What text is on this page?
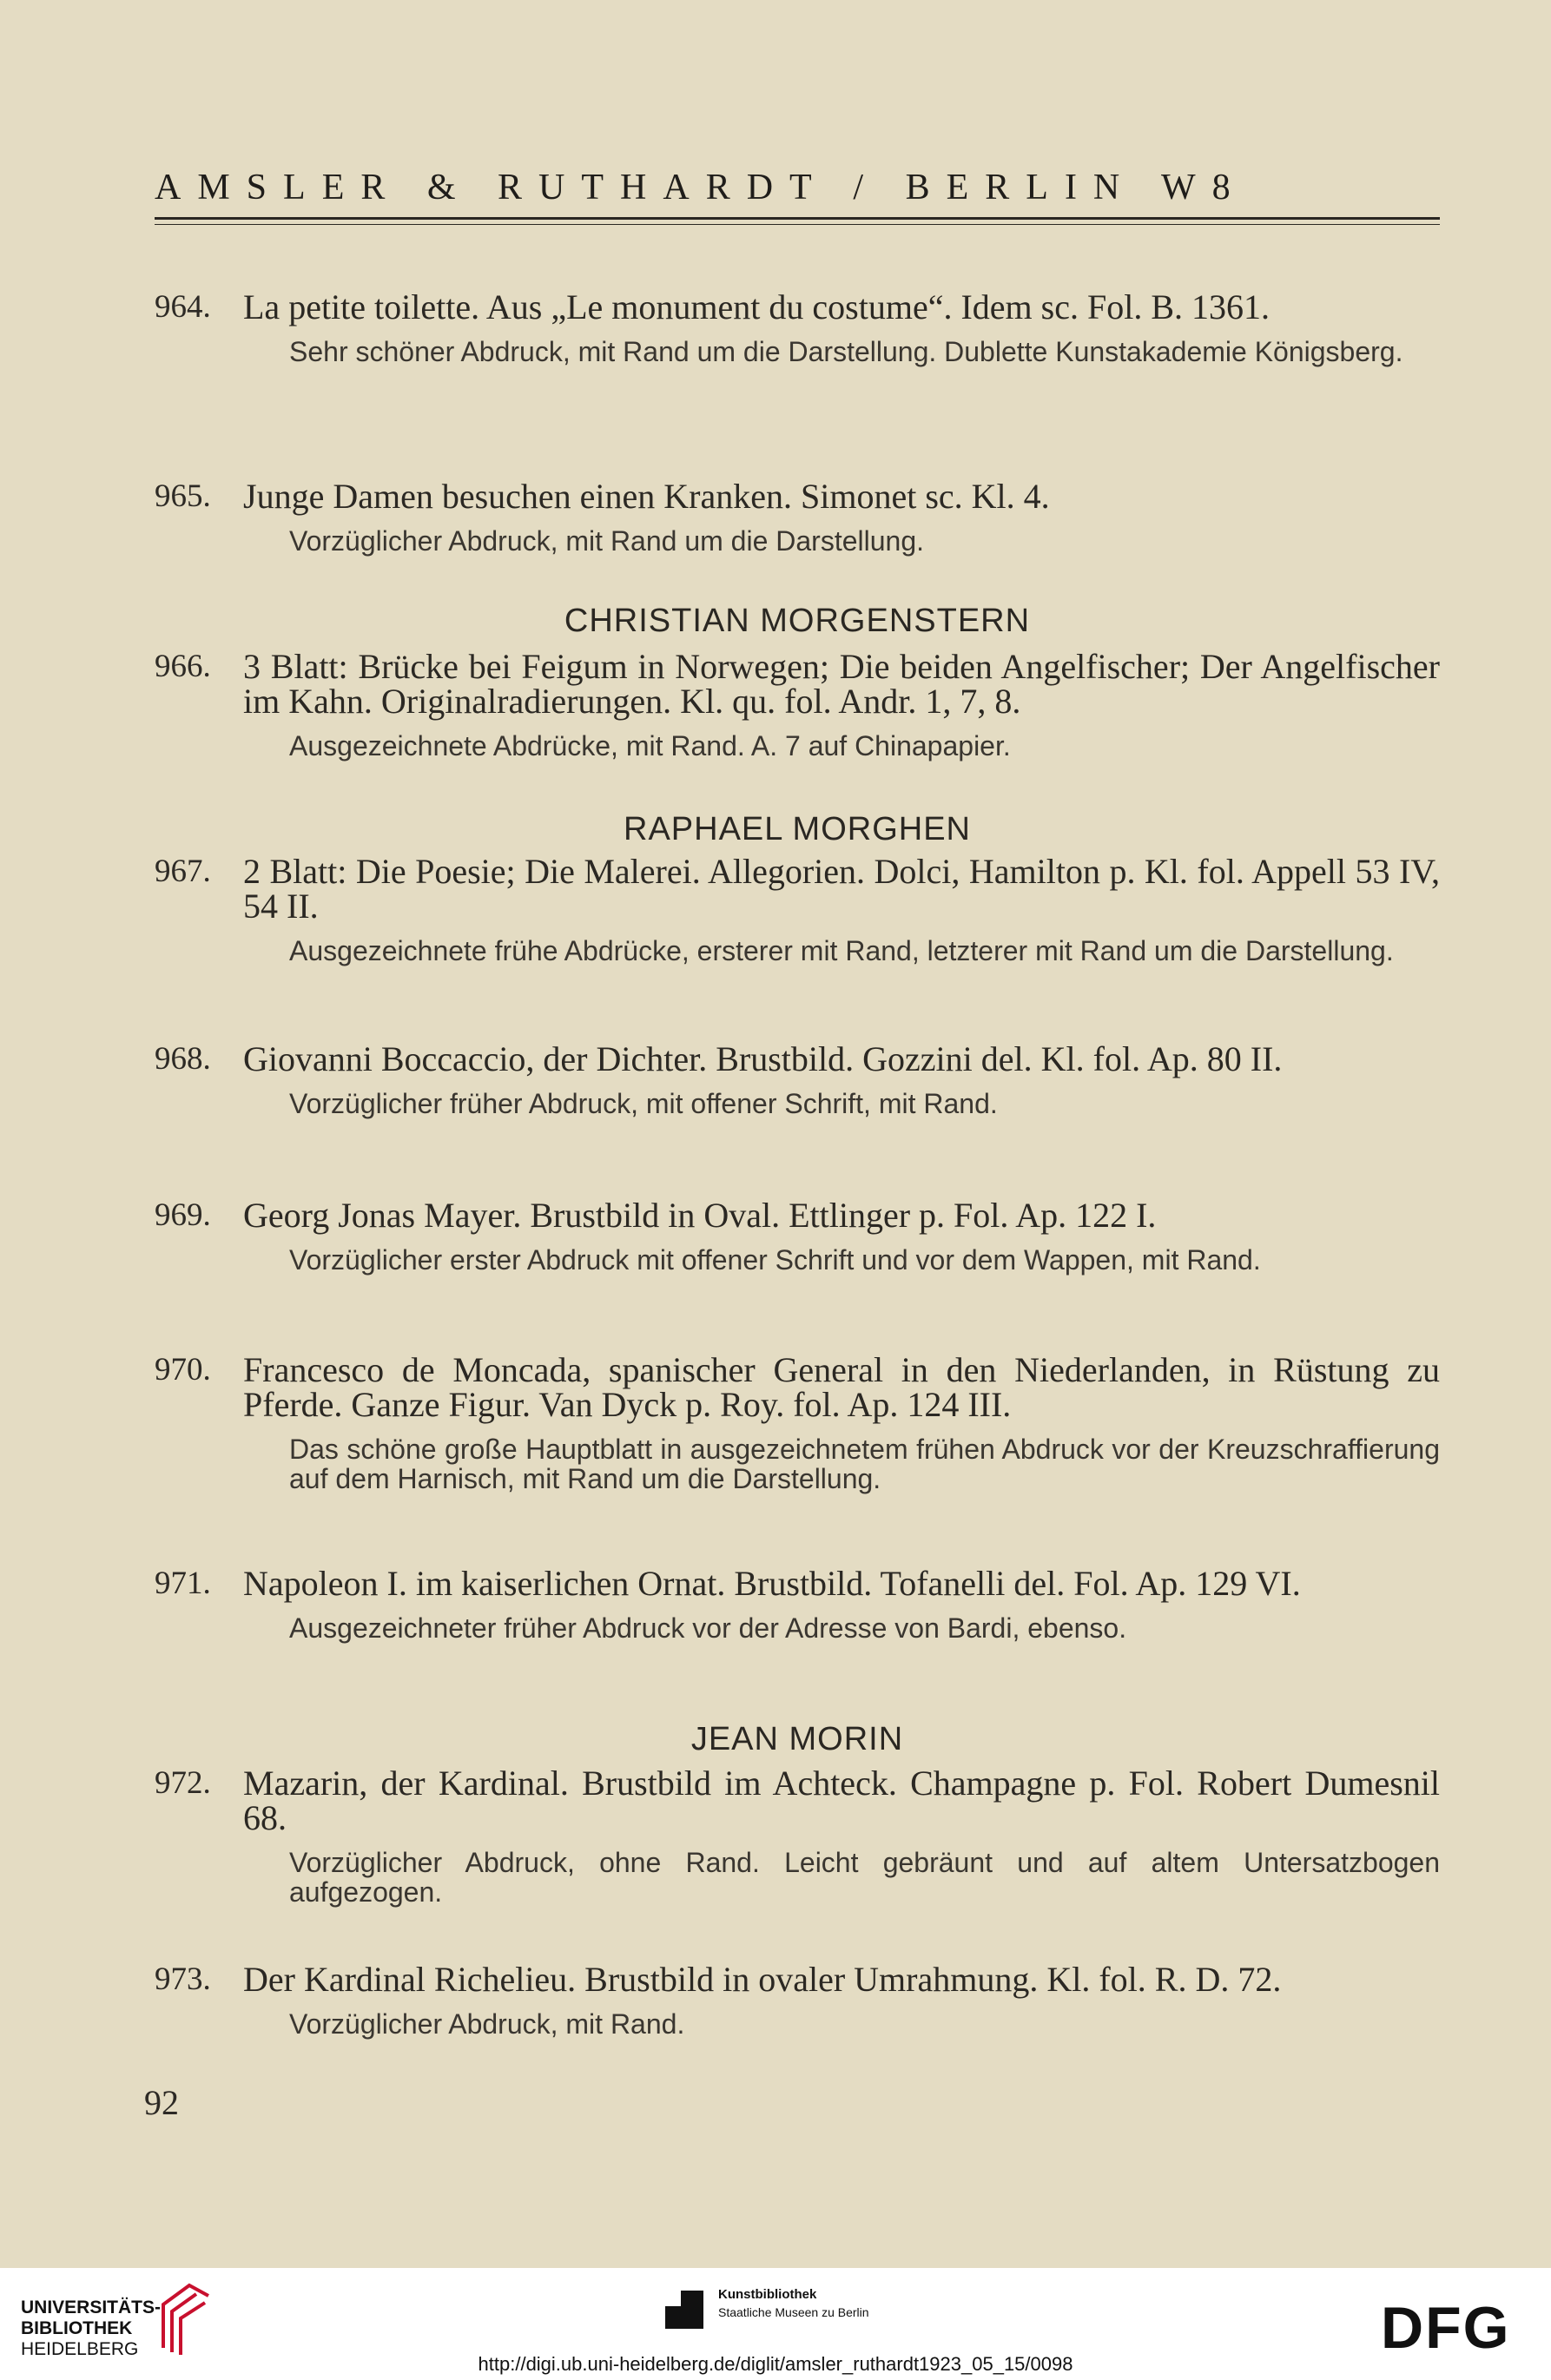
AMSLER & RUTHARDT / BERLIN W8
964. La petite toilette. Aus „Le monument du costume“. Idem sc. Fol. B. 1361.
Sehr schöner Abdruck, mit Rand um die Darstellung. Dublette Kunstakademie Königsberg.
965. Junge Damen besuchen einen Kranken. Simonet sc. Kl. 4.
Vorzüglicher Abdruck, mit Rand um die Darstellung.
CHRISTIAN MORGENSTERN
966. 3 Blatt: Brücke bei Feigum in Norwegen; Die beiden Angelfischer; Der Angelfischer im Kahn. Originalradierungen. Kl. qu. fol. Andr. 1, 7, 8.
Ausgezeichnete Abdrücke, mit Rand. A. 7 auf Chinapapier.
RAPHAEL MORGHEN
967. 2 Blatt: Die Poesie; Die Malerei. Allegorien. Dolci, Hamilton p. Kl. fol. Appell 53 IV, 54 II.
Ausgezeichnete frühe Abdrücke, ersterer mit Rand, letzterer mit Rand um die Darstellung.
968. Giovanni Boccaccio, der Dichter. Brustbild. Gozzini del. Kl. fol. Ap. 80 II.
Vorzüglicher früher Abdruck, mit offener Schrift, mit Rand.
969. Georg Jonas Mayer. Brustbild in Oval. Ettlinger p. Fol. Ap. 122 I.
Vorzüglicher erster Abdruck mit offener Schrift und vor dem Wappen, mit Rand.
970. Francesco de Moncada, spanischer General in den Niederlanden, in Rüstung zu Pferde. Ganze Figur. Van Dyck p. Roy. fol. Ap. 124 III.
Das schöne große Hauptblatt in ausgezeichnetem frühen Abdruck vor der Kreuzschraffierung auf dem Harnisch, mit Rand um die Darstellung.
971. Napoleon I. im kaiserlichen Ornat. Brustbild. Tofanelli del. Fol. Ap. 129 VI.
Ausgezeichneter früher Abdruck vor der Adresse von Bardi, ebenso.
JEAN MORIN
972. Mazarin, der Kardinal. Brustbild im Achteck. Champagne p. Fol. Robert Dumesnil 68.
Vorzüglicher Abdruck, ohne Rand. Leicht gebräunt und auf altem Untersatzbogen aufgezogen.
973. Der Kardinal Richelieu. Brustbild in ovaler Umrahmung. Kl. fol. R. D. 72.
Vorzüglicher Abdruck, mit Rand.
92
UNIVERSITÄTS-
BIBLIOTHEK
HEIDELBERG
Kunstbibliothek
Staatliche Museen zu Berlin	DFG
http://digi.ub.uni-heidelberg.de/diglit/amsler_ruthardt1923_05_15/0098
